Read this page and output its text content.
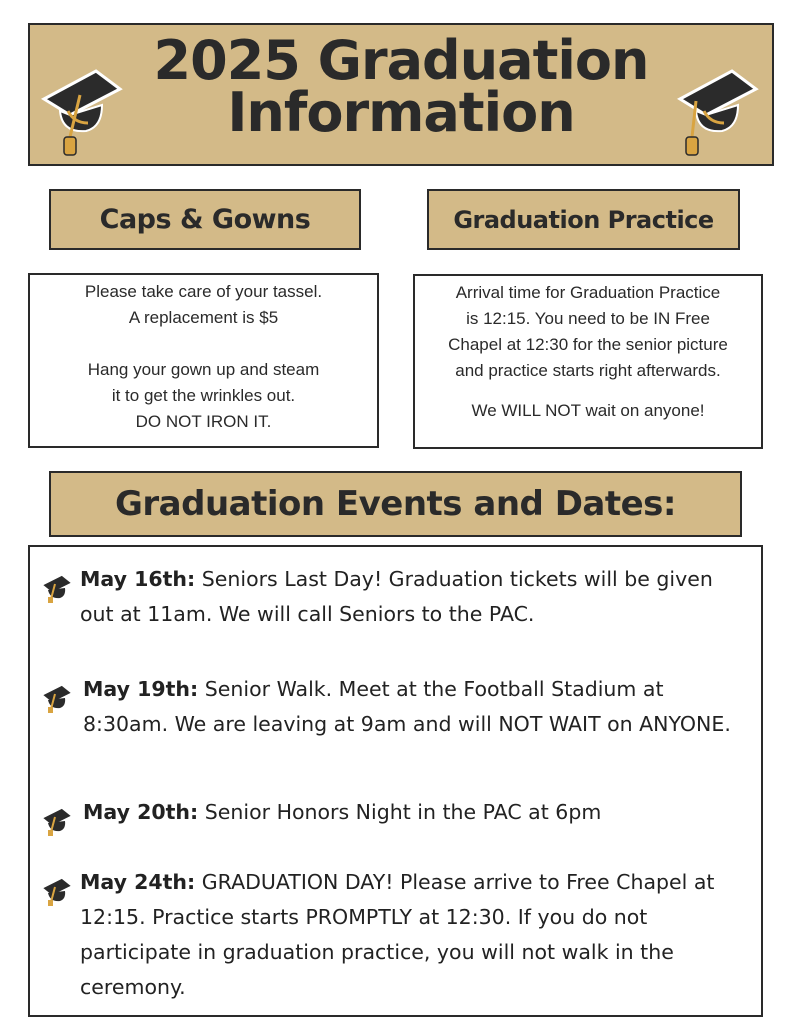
2025 Graduation
Information
Caps & Gowns	Graduation Practice
Please take care of your tassel.
A replacement is $5
Hang your gown up and steam
it to get the wrinkles out.
DO NOT IRON IT.
Arrival time for Graduation Practice
is 12:15. You need to be IN Free
Chapel at 12:30 for the senior picture
and practice starts right afterwards.
We WILL NOT wait on anyone!
Graduation Events and Dates:
May 16th: Seniors Last Day! Graduation tickets will be given out at 11am. We will call Seniors to the PAC.
May 19th: Senior Walk. Meet at the Football Stadium at 8:30am. We are leaving at 9am and will NOT WAIT on ANYONE.
May 20th: Senior Honors Night in the PAC at 6pm
May 24th: GRADUATION DAY! Please arrive to Free Chapel at 12:15. Practice starts PROMPTLY at 12:30. If you do not participate in graduation practice, you will not walk in the ceremony.
